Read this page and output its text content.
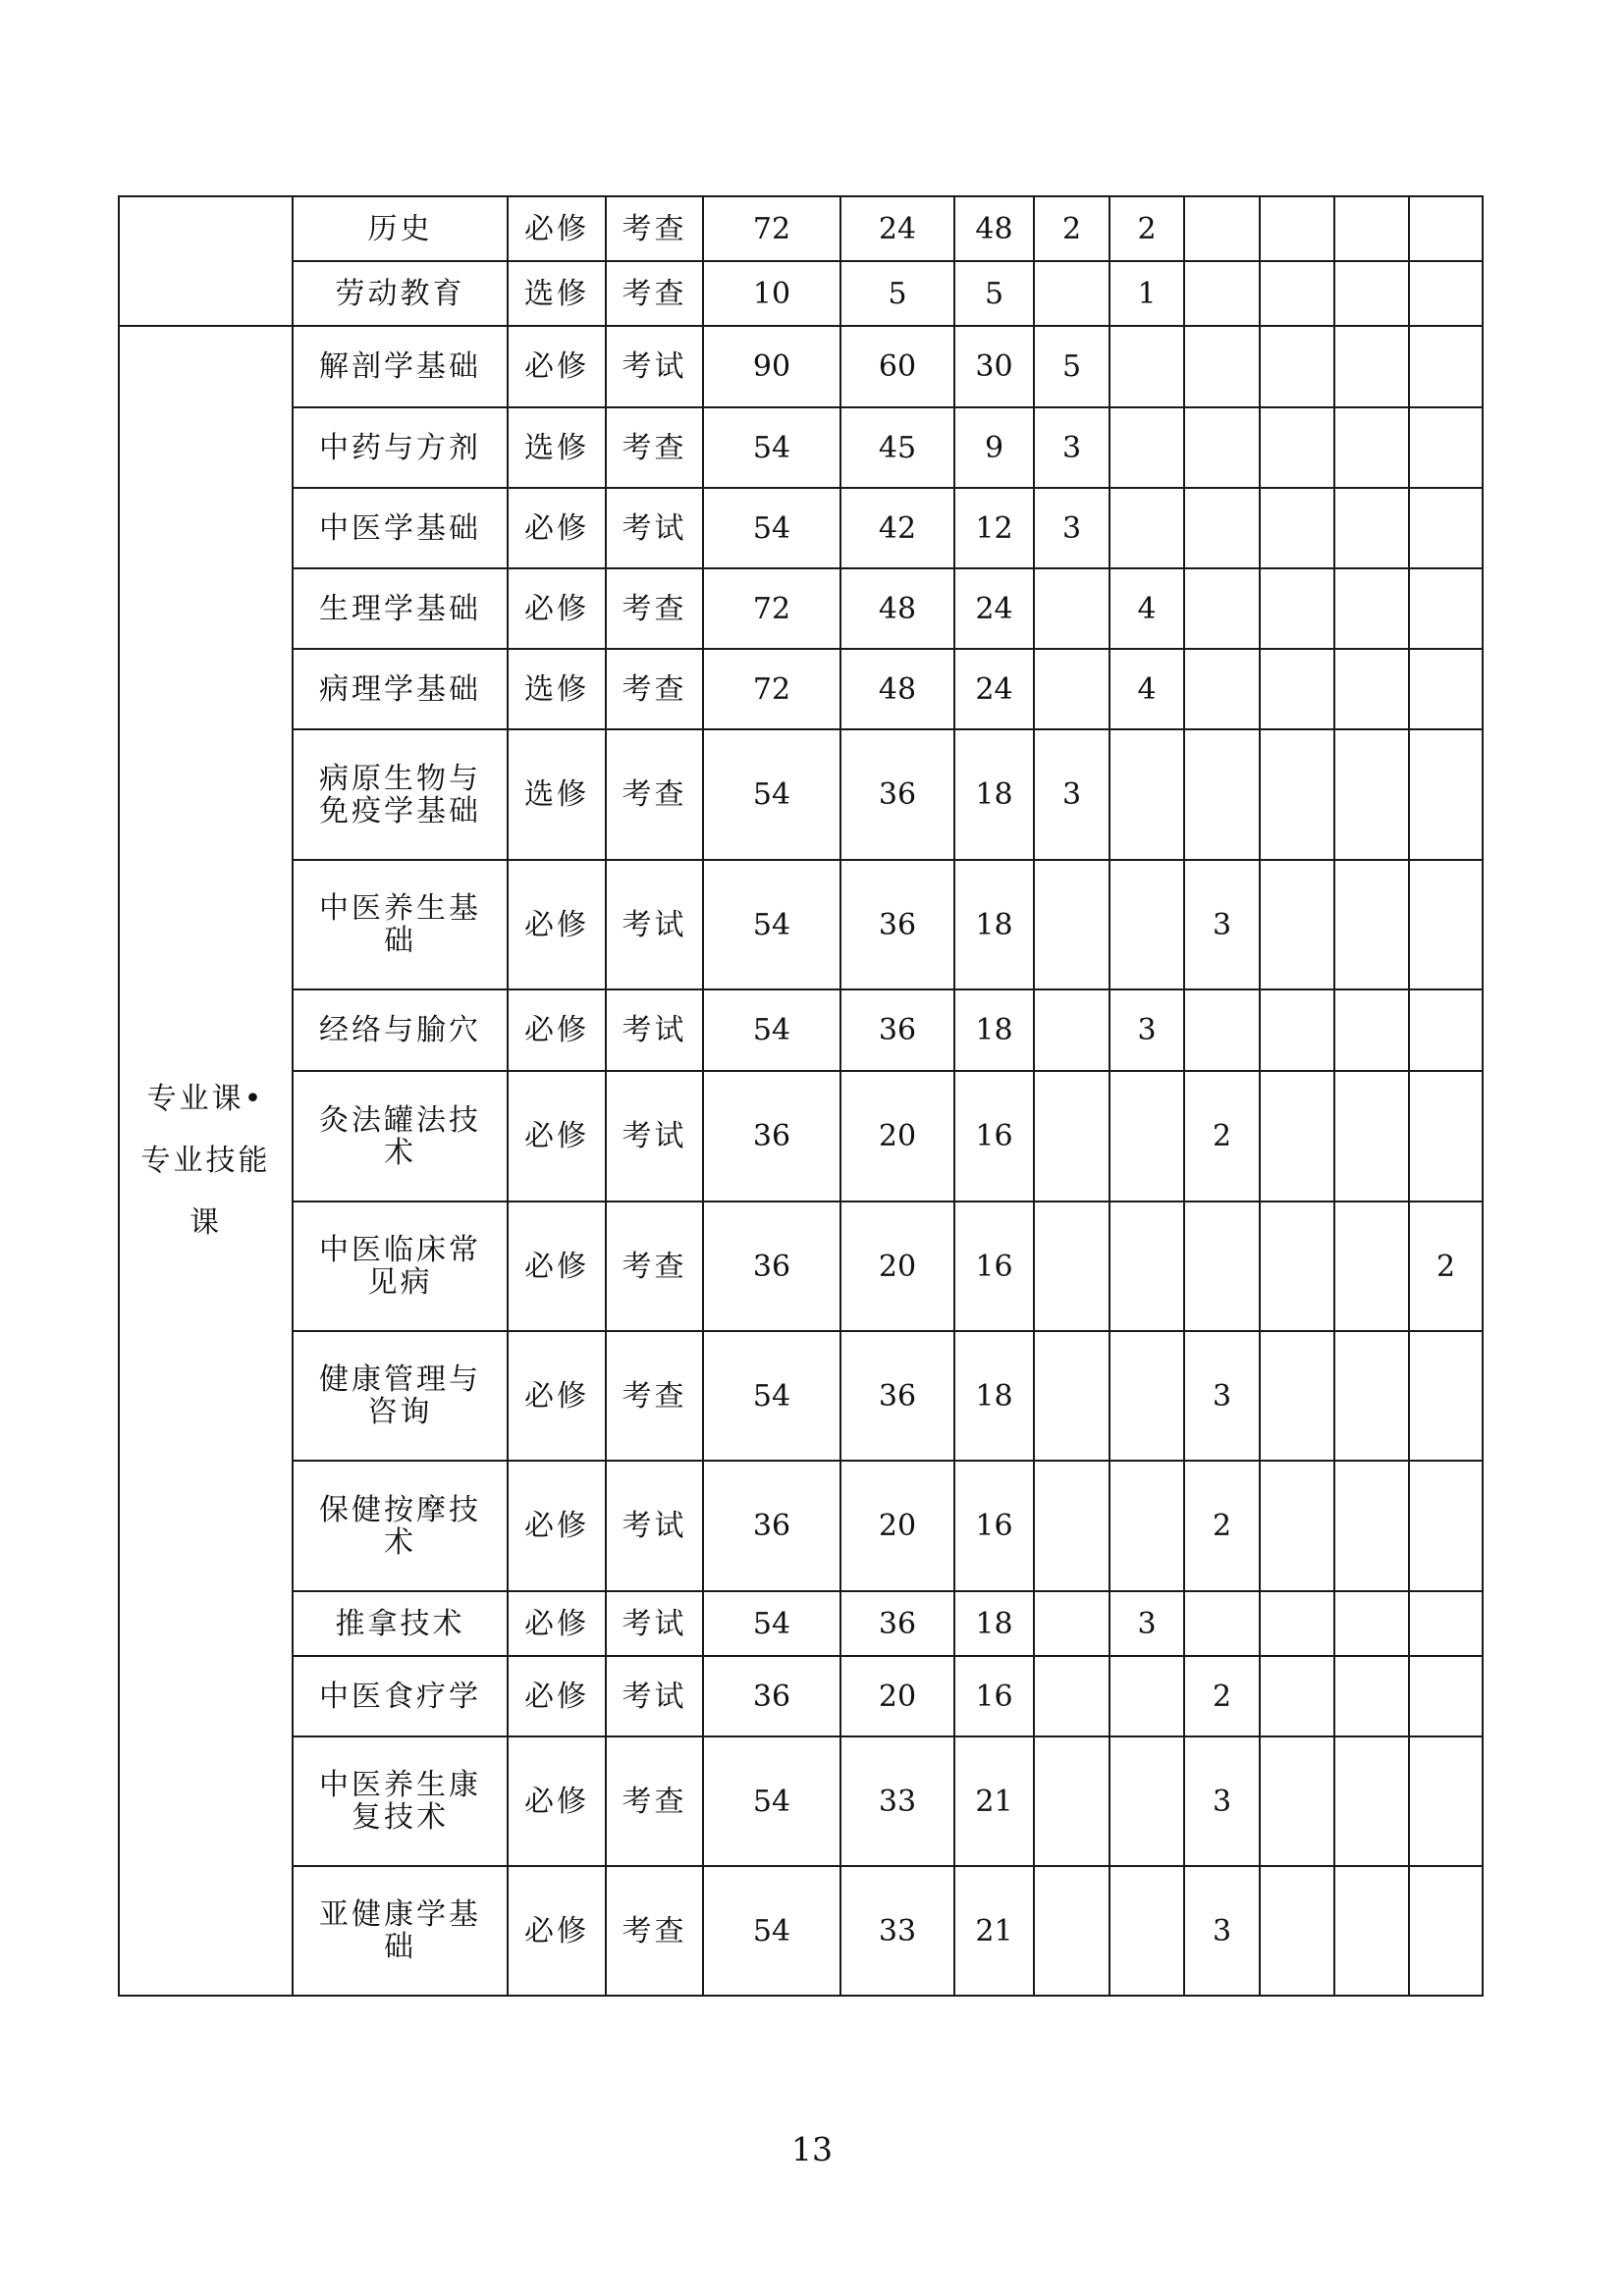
	历史	必修	考查	72	24	48	2	2				
	劳动教育	选修	考查	10	5	5		1				
专业课• 专业技能课	解剖学基础	必修	考试	90	60	30	5					
	中药与方剂	选修	考查	54	45	9	3					
	中医学基础	必修	考试	54	42	12	3					
	生理学基础	必修	考查	72	48	24		4				
	病理学基础	选修	考查	72	48	24		4				
	病原生物与免疫学基础	选修	考查	54	36	18	3					
	中医养生基础	必修	考试	54	36	18			3			
	经络与腧穴	必修	考试	54	36	18		3				
	灸法罐法技术	必修	考试	36	20	16			2			
	中医临床常见病	必修	考查	36	20	16						2
	健康管理与咨询	必修	考查	54	36	18			3			
	保健按摩技术	必修	考试	36	20	16			2			
	推拿技术	必修	考试	54	36	18		3				
	中医食疗学	必修	考试	36	20	16			2			
	中医养生康复技术	必修	考查	54	33	21			3			
	亚健康学基础	必修	考查	54	33	21			3			
13
